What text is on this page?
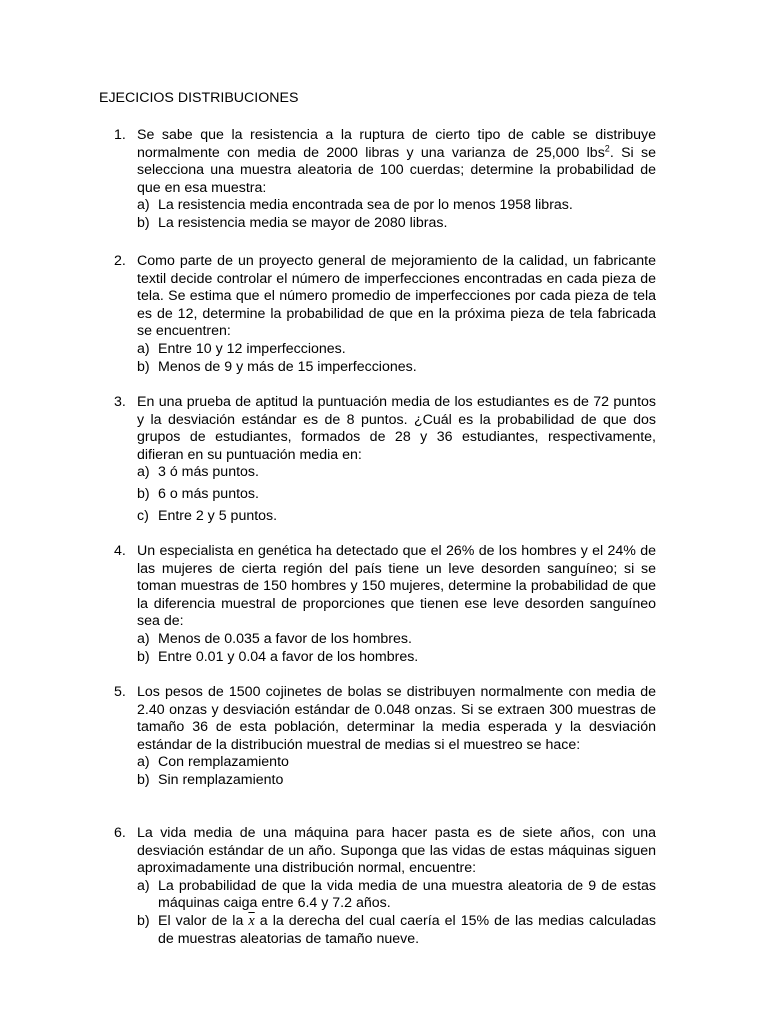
EJECICIOS DISTRIBUCIONES
1. Se sabe que la resistencia a la ruptura de cierto tipo de cable se distribuye normalmente con media de 2000 libras y una varianza de 25,000 lbs$^2$. Si se selecciona una muestra aleatoria de 100 cuerdas; determine la probabilidad de que en esa muestra:
a) La resistencia media encontrada sea de por lo menos 1958 libras.
b) La resistencia media se mayor de 2080 libras.
2. Como parte de un proyecto general de mejoramiento de la calidad, un fabricante textil decide controlar el número de imperfecciones encontradas en cada pieza de tela. Se estima que el número promedio de imperfecciones por cada pieza de tela es de 12, determine la probabilidad de que en la próxima pieza de tela fabricada se encuentren:
a) Entre 10 y 12 imperfecciones.
b) Menos de 9 y más de 15 imperfecciones.
3. En una prueba de aptitud la puntuación media de los estudiantes es de 72 puntos y la desviación estándar es de 8 puntos. ¿Cuál es la probabilidad de que dos grupos de estudiantes, formados de 28 y 36 estudiantes, respectivamente, difieran en su puntuación media en:
a) 3 ó más puntos.
b) 6 o más puntos.
c) Entre 2 y 5 puntos.
4. Un especialista en genética ha detectado que el 26% de los hombres y el 24% de las mujeres de cierta región del país tiene un leve desorden sanguíneo; si se toman muestras de 150 hombres y 150 mujeres, determine la probabilidad de que la diferencia muestral de proporciones que tienen ese leve desorden sanguíneo sea de:
a) Menos de 0.035 a favor de los hombres.
b) Entre 0.01 y 0.04 a favor de los hombres.
5. Los pesos de 1500 cojinetes de bolas se distribuyen normalmente con media de 2.40 onzas y desviación estándar de 0.048 onzas. Si se extraen 300 muestras de tamaño 36 de esta población, determinar la media esperada y la desviación estándar de la distribución muestral de medias si el muestreo se hace:
a) Con remplazamiento
b) Sin remplazamiento
6. La vida media de una máquina para hacer pasta es de siete años, con una desviación estándar de un año. Suponga que las vidas de estas máquinas siguen aproximadamente una distribución normal, encuentre:
a) La probabilidad de que la vida media de una muestra aleatoria de 9 de estas máquinas caiga entre 6.4 y 7.2 años.
b) El valor de la $\overline{x}$ a la derecha del cual caería el 15% de las medias calculadas de muestras aleatorias de tamaño nueve.
